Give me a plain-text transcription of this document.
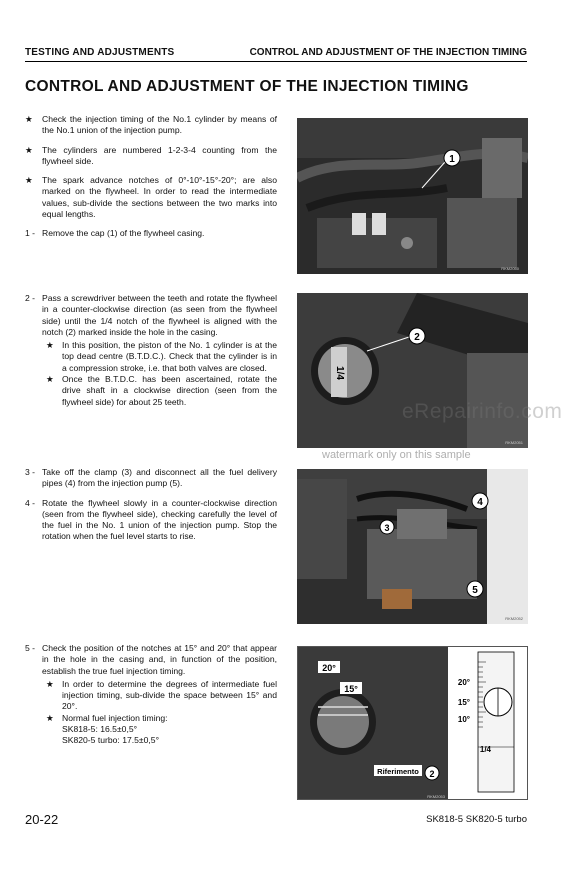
TESTING AND ADJUSTMENTS	CONTROL AND ADJUSTMENT OF THE INJECTION TIMING
CONTROL AND ADJUSTMENT OF THE INJECTION TIMING
★ Check the injection timing of the No.1 cylinder by means of the No.1 union of the injection pump.
★ The cylinders are numbered 1-2-3-4 counting from the flywheel side.
★ The spark advance notches of 0°-10°-15°-20°; are also marked on the flywheel. In order to read the intermediate values, sub-divide the sections between the two marks into equal lengths.
1 - Remove the cap (1) of the flywheel casing.
2 - Pass a screwdriver between the teeth and rotate the flywheel in a counter-clockwise direction (as seen from the flywheel side) until the 1/4 notch of the flywheel is aligned with the notch (2) marked inside the hole in the casing.
★ In this position, the piston of the No. 1 cylinder is at the top dead centre (B.T.D.C.). Check that the cylinder is in a compression stroke, i.e. that both valves are closed.
★ Once the B.T.D.C. has been ascertained, rotate the drive shaft in a clockwise direction (seen from the flywheel side) for about 25 teeth.
3 - Take off the clamp (3) and disconnect all the fuel delivery pipes (4) from the injection pump (5).
4 - Rotate the flywheel slowly in a counter-clockwise direction (seen from the flywheel side), checking carefully the level of the fuel in the No. 1 union of the injection pump. Stop the rotation when the fuel level starts to rise.
5 - Check the position of the notches at 15° and 20° that appear in the hole in the casing and, in function of the position, establish the true fuel injection timing.
★ In order to determine the degrees of intermediate fuel injection timing, sub-divide the space between 15° and 20°.
★ Normal fuel injection timing:
SK818-5: 16.5±0,5°
SK820-5 turbo: 17.5±0,5°
1
RKM2050
1/4
2
RKM2051
3
4
5
RKM2052
20°
15°
Riferimento 2
RKM2053
20°
15°
10°
1/4
eRepairinfo.com
watermark only on this sample
20-22	SK818-5 SK820-5 turbo
